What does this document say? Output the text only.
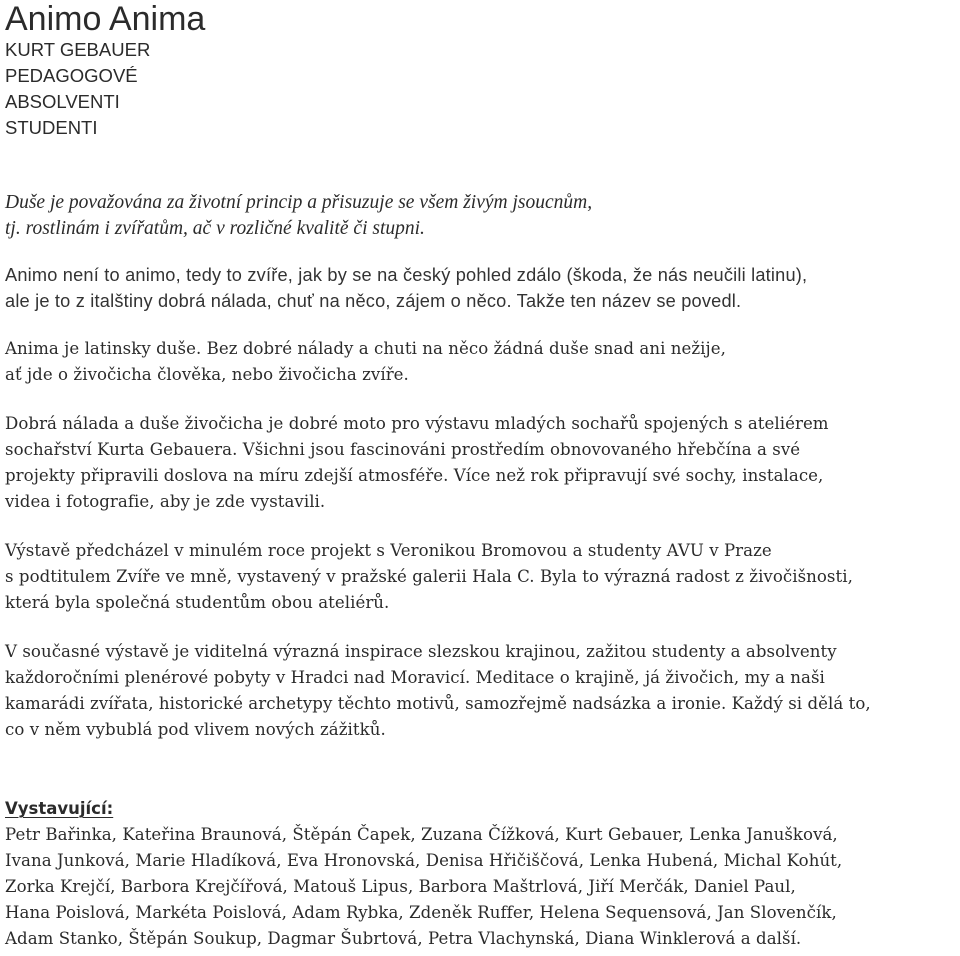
Animo Anima
KURT GEBAUER
PEDAGOGOVÉ
ABSOLVENTI
STUDENTI

Duše je považována za životní princip a přisuzuje se všem živým jsoucnům,
tj. rostlinám i zvířatům, ač v rozličné kvalitě či stupni.

Animo není to animo, tedy to zvíře, jak by se na český pohled zdálo (škoda, že nás neučili latinu),
ale je to z italštiny dobrá nálada, chuť na něco, zájem o něco. Takže ten název se povedl.

Anima je latinsky duše. Bez dobré nálady a chuti na něco žádná duše snad ani nežije,
ať jde o živočicha člověka, nebo živočicha zvíře.

Dobrá nálada a duše živočicha je dobré moto pro výstavu mladých sochařů spojených s ateliérem
sochařství Kurta Gebauera. Všichni jsou fascinováni prostředím obnovovaného hřebčína a své
projekty připravili doslova na míru zdejší atmosféře. Více než rok připravují své sochy, instalace,
videa i fotografie, aby je zde vystavili.

Výstavě předcházel v minulém roce projekt s Veronikou Bromovou a studenty AVU v Praze
s podtitulem Zvíře ve mně, vystavený v pražské galerii Hala C. Byla to výrazná radost z živočišnosti,
která byla společná studentům obou ateliérů.

V současné výstavě je viditelná výrazná inspirace slezskou krajinou, zažitou studenty a absolventy
každoročními plenérové pobyty v Hradci nad Moravicí. Meditace o krajině, já živočich, my a naši
kamarádi zvířata, historické archetypy těchto motivů, samozřejmě nadsázka a ironie. Každý si dělá to,
co v něm vybublá pod vlivem nových zážitků.

Vystavující:

Petr Bařinka, Kateřina Braunová, Štěpán Čapek, Zuzana Čížková, Kurt Gebauer, Lenka Janušková,
Ivana Junková, Marie Hladíková, Eva Hronovská, Denisa Hřičiščová, Lenka Hubená, Michal Kohút,
Zorka Krejčí, Barbora Krejčířová, Matouš Lipus, Barbora Maštrlová, Jiří Merčák, Daniel Paul,
Hana Poislová, Markéta Poislová, Adam Rybka, Zdeněk Ruffer, Helena Sequensová, Jan Slovenčík,
Adam Stanko, Štěpán Soukup, Dagmar Šubrtová, Petra Vlachynská, Diana Winklerová a další.
